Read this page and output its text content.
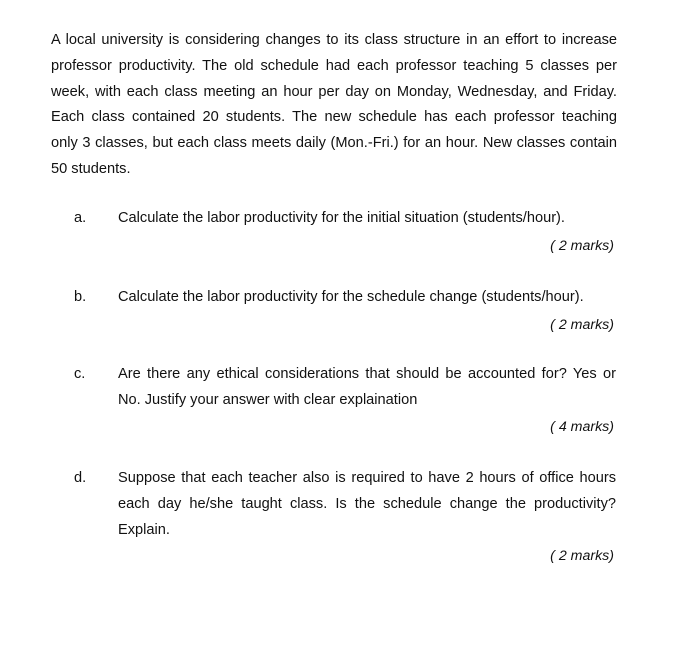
A local university is considering changes to its class structure in an effort to increase
professor productivity. The old schedule had each professor teaching 5 classes per
week, with each class meeting an hour per day on Monday, Wednesday, and Friday.
Each class contained 20 students. The new schedule has each professor teaching
only 3 classes, but each class meets daily (Mon.-Fri.) for an hour. New classes contain
50 students.

a. Calculate the labor productivity for the initial situation (students/hour).
( 2 marks)
b. Calculate the labor productivity for the schedule change (students/hour).
( 2 marks)
c. Are there any ethical considerations that should be accounted for? Yes or
No. Justify your answer with clear explaination
( 4 marks)
d. Suppose that each teacher also is required to have 2 hours of office hours
each day he/she taught class. Is the schedule change the productivity?
Explain.
( 2 marks)
